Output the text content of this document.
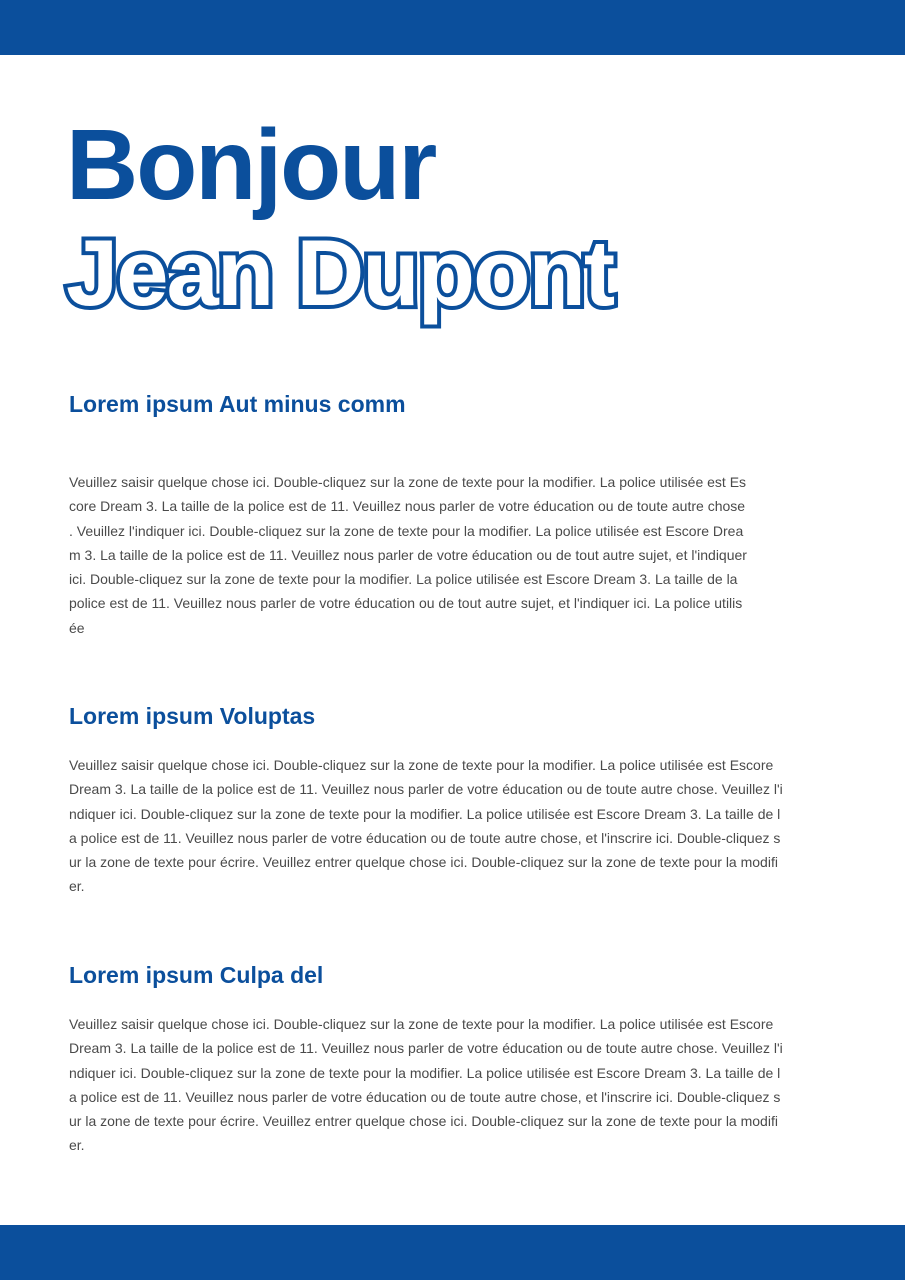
Bonjour
Jean Dupont
Lorem ipsum Aut minus comm
Veuillez saisir quelque chose ici. Double-cliquez sur la zone de texte pour la modifier. La police utilisée est Es
core Dream 3. La taille de la police est de 11. Veuillez nous parler de votre éducation ou de toute autre chose
. Veuillez l'indiquer ici. Double-cliquez sur la zone de texte pour la modifier. La police utilisée est Escore Drea
m 3. La taille de la police est de 11. Veuillez nous parler de votre éducation ou de tout autre sujet, et l'indiquer
ici. Double-cliquez sur la zone de texte pour la modifier. La police utilisée est Escore Dream 3. La taille de la
police est de 11. Veuillez nous parler de votre éducation ou de tout autre sujet, et l'indiquer ici. La police utilis
ée
Lorem ipsum Voluptas
Veuillez saisir quelque chose ici. Double-cliquez sur la zone de texte pour la modifier. La police utilisée est Escore
Dream 3. La taille de la police est de 11. Veuillez nous parler de votre éducation ou de toute autre chose. Veuillez l'i
ndiquer ici. Double-cliquez sur la zone de texte pour la modifier. La police utilisée est Escore Dream 3. La taille de l
a police est de 11. Veuillez nous parler de votre éducation ou de toute autre chose, et l'inscrire ici. Double-cliquez s
ur la zone de texte pour écrire. Veuillez entrer quelque chose ici. Double-cliquez sur la zone de texte pour la modifi
er.
Lorem ipsum Culpa del
Veuillez saisir quelque chose ici. Double-cliquez sur la zone de texte pour la modifier. La police utilisée est Escore
Dream 3. La taille de la police est de 11. Veuillez nous parler de votre éducation ou de toute autre chose. Veuillez l'i
ndiquer ici. Double-cliquez sur la zone de texte pour la modifier. La police utilisée est Escore Dream 3. La taille de l
a police est de 11. Veuillez nous parler de votre éducation ou de toute autre chose, et l'inscrire ici. Double-cliquez s
ur la zone de texte pour écrire. Veuillez entrer quelque chose ici. Double-cliquez sur la zone de texte pour la modifi
er.
